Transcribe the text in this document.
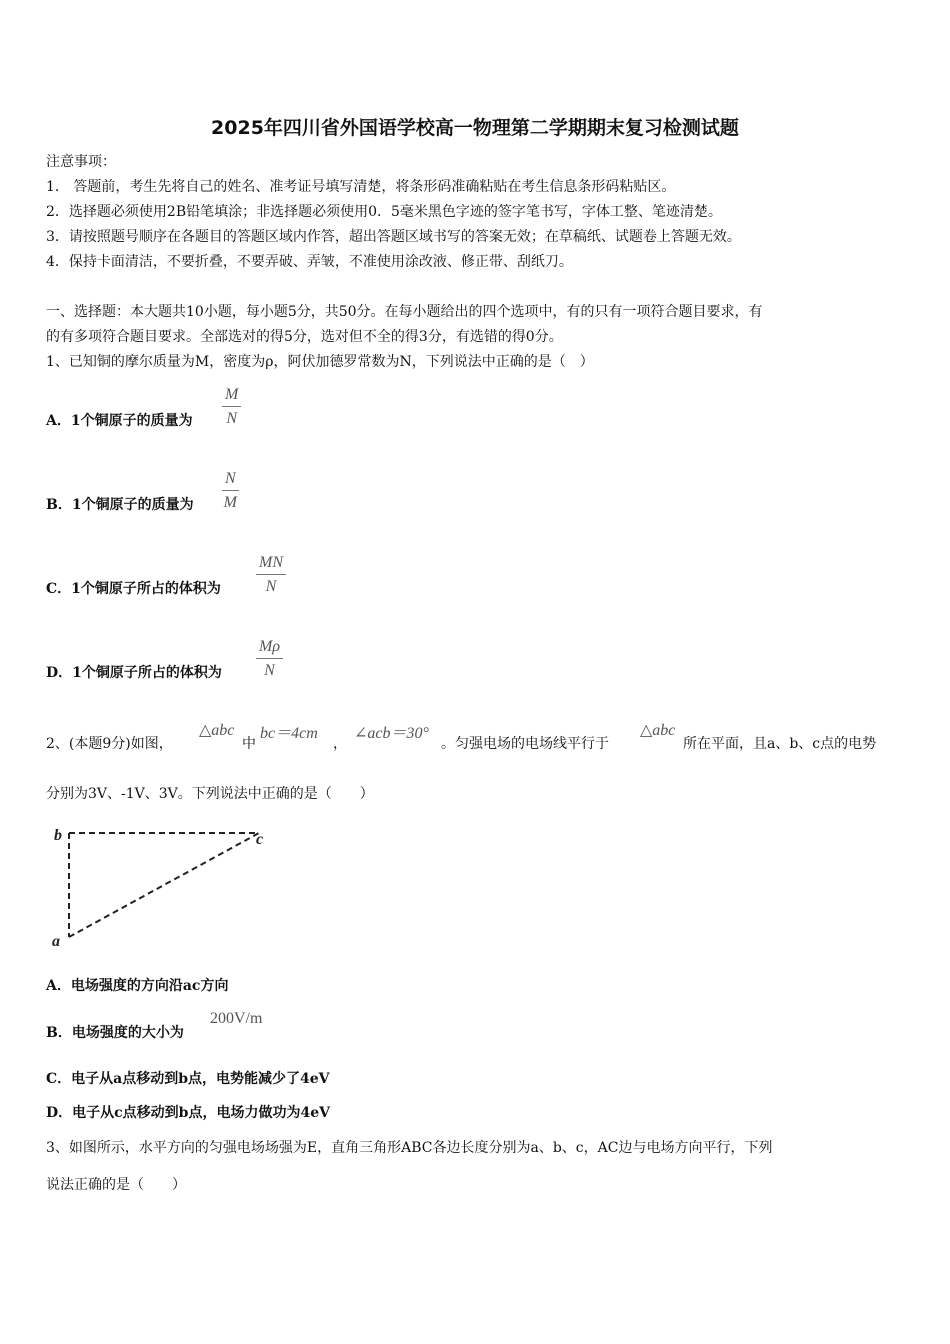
2025年四川省外国语学校高一物理第二学期期末复习检测试题
注意事项：
1． 答题前，考生先将自己的姓名、准考证号填写清楚，将条形码准确粘贴在考生信息条形码粘贴区。
2．选择题必须使用2B铅笔填涂；非选择题必须使用0．5毫米黑色字迹的签字笔书写，字体工整、笔迹清楚。
3．请按照题号顺序在各题目的答题区域内作答，超出答题区域书写的答案无效；在草稿纸、试题卷上答题无效。
4．保持卡面清洁，不要折叠，不要弄破、弄皱，不准使用涂改液、修正带、刮纸刀。
一、选择题：本大题共10小题，每小题5分，共50分。在每小题给出的四个选项中，有的只有一项符合题目要求，有
的有多项符合题目要求。全部选对的得5分，选对但不全的得3分，有选错的得0分。
1、已知铜的摩尔质量为M，密度为ρ，阿伏加德罗常数为N，下列说法中正确的是（　）
A．1个铜原子的质量为 $\frac{M}{N}$
B．1个铜原子的质量为 $\frac{N}{M}$
C．1个铜原子所占的体积为 $\frac{MN}{N}$
D．1个铜原子所占的体积为 $\frac{M\rho}{N}$
2、(本题9分)如图，
△abc
中
bc＝4cm
，
∠acb＝30°
。匀强电场的电场线平行于
△abc
所在平面，且a、b、c点的电势
分别为3V、-1V、3V。下列说法中正确的是（　　）
b	c
a
A．电场强度的方向沿ac方向
B．电场强度的大小为
200V/m
C．电子从a点移动到b点，电势能减少了4eV
D．电子从c点移动到b点，电场力做功为4eV
3、如图所示，水平方向的匀强电场场强为E，直角三角形ABC各边长度分别为a、b、c，AC边与电场方向平行，下列
说法正确的是（　　）
